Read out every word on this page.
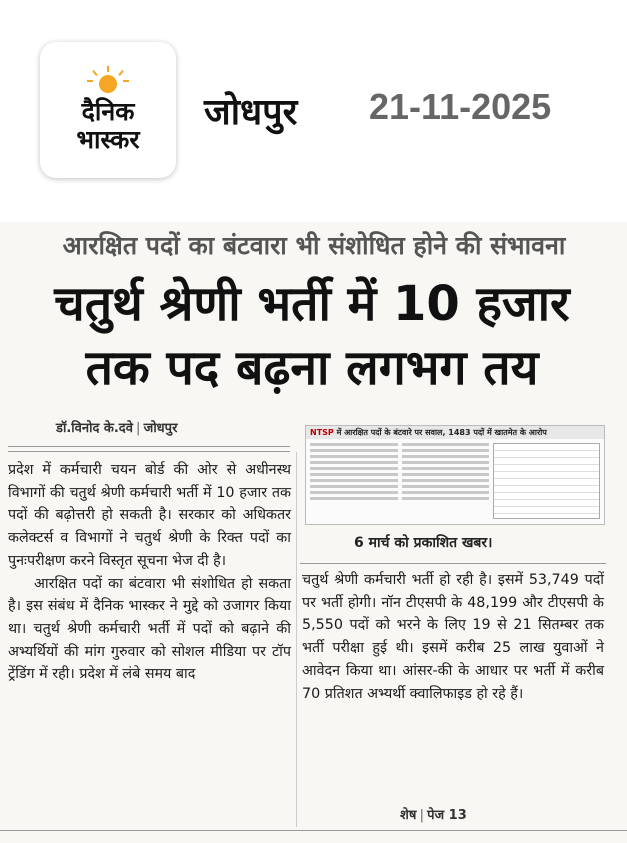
दैनिक
भास्कर
जोधपुर 21-11-2025
आरक्षित पदों का बंटवारा भी संशोधित होने की संभावना
चतुर्थ श्रेणी भर्ती में 10 हजार
तक पद बढ़ना लगभग तय
डॉ.विनोद के.दवे | जोधपुर

प्रदेश में कर्मचारी चयन बोर्ड की ओर से अधीनस्थ विभागों की चतुर्थ श्रेणी कर्मचारी भर्ती में 10 हजार तक पदों की बढ़ोत्तरी हो सकती है। सरकार को अधिकतर कलेक्टर्स व विभागों ने चतुर्थ श्रेणी के रिक्त पदों का पुनःपरीक्षण करने विस्तृत सूचना भेज दी है।

आरक्षित पदों का बंटवारा भी संशोधित हो सकता है। इस संबंध में दैनिक भास्कर ने मुद्दे को उजागर किया था। चतुर्थ श्रेणी कर्मचारी भर्ती में पदों को बढ़ाने की अभ्यर्थियों की मांग गुरुवार को सोशल मीडिया पर टॉप ट्रेंडिंग में रही। प्रदेश में लंबे समय बाद

NTSP में आरक्षित पदों के बंटवारे पर सवाल, 1483 पदों में खातमेत के आरोप
6 मार्च को प्रकाशित खबर।

चतुर्थ श्रेणी कर्मचारी भर्ती हो रही है। इसमें 53,749 पदों पर भर्ती होगी। नॉन टीएसपी के 48,199 और टीएसपी के 5,550 पदों को भरने के लिए 19 से 21 सितम्बर तक भर्ती परीक्षा हुई थी। इसमें करीब 25 लाख युवाओं ने आवेदन किया था। आंसर-की के आधार पर भर्ती में करीब 70 प्रतिशत अभ्यर्थी क्वालिफाइड हो रहे हैं।

शेष | पेज 13
